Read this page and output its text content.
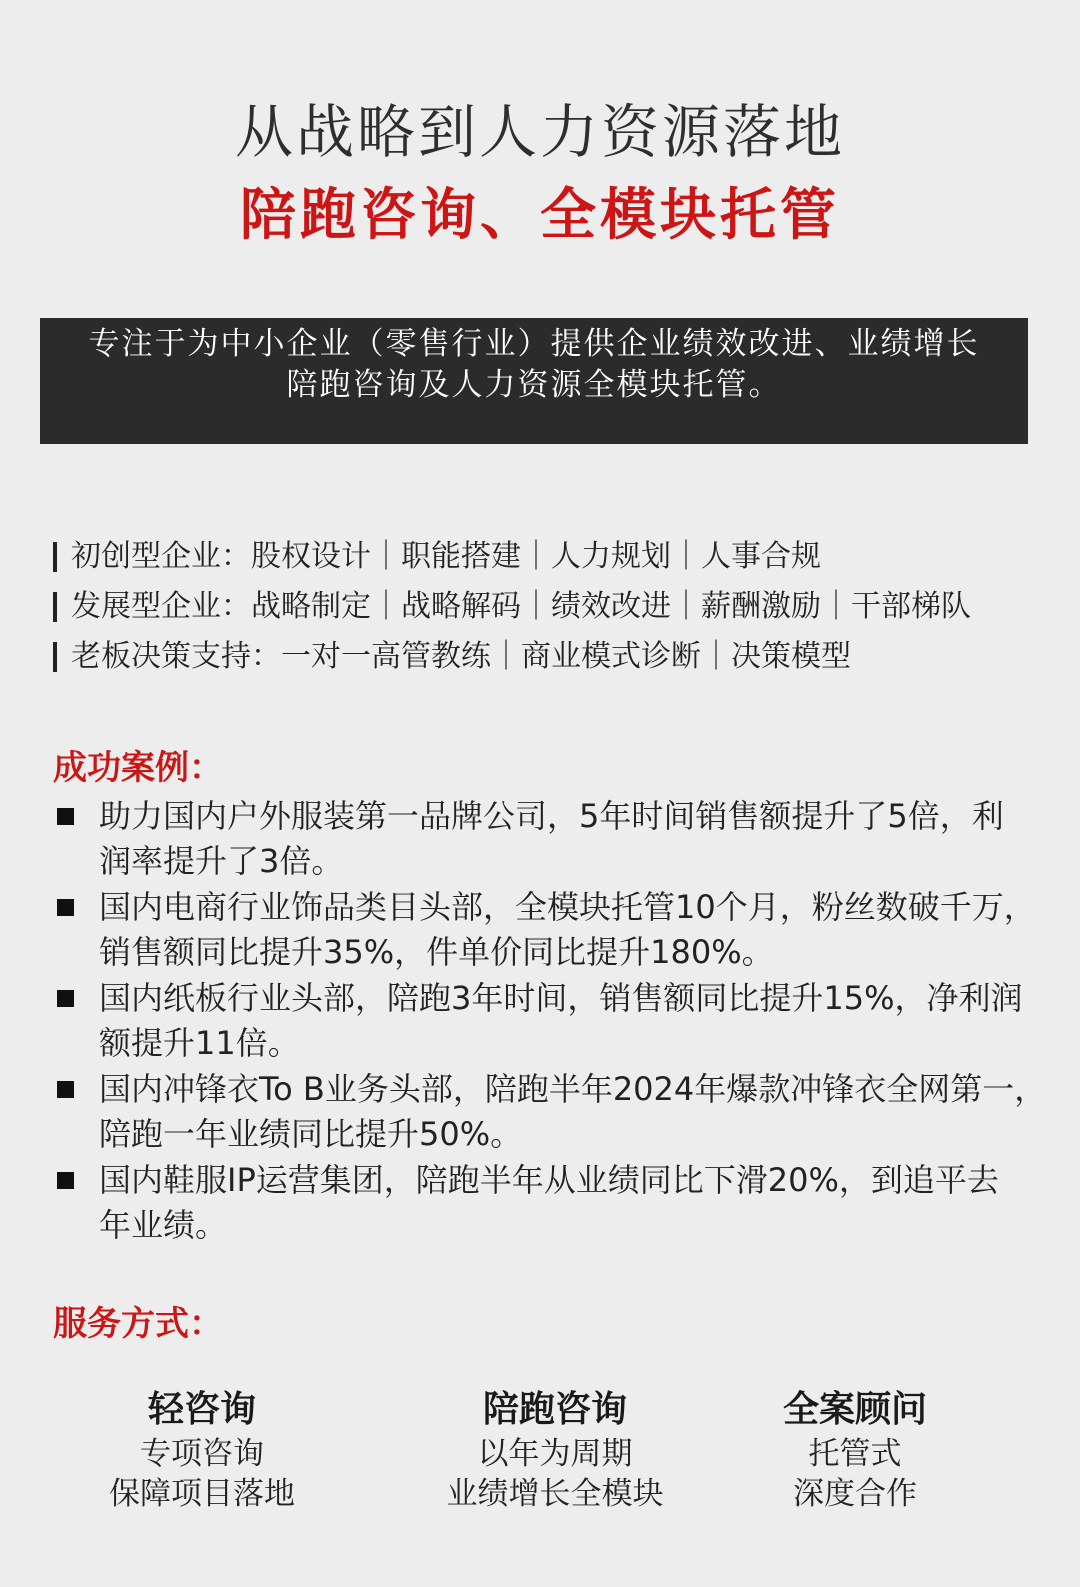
从战略到人力资源落地
陪跑咨询、全模块托管
专注于为中小企业（零售行业）提供企业绩效改进、业绩增长
陪跑咨询及人力资源全模块托管。
初创型企业：股权设计｜职能搭建｜人力规划｜人事合规
发展型企业：战略制定｜战略解码｜绩效改进｜薪酬激励｜干部梯队
老板决策支持：一对一高管教练｜商业模式诊断｜决策模型
成功案例：
助力国内户外服装第一品牌公司，5年时间销售额提升了5倍，利
润率提升了3倍。
国内电商行业饰品类目头部，全模块托管10个月，粉丝数破千万，
销售额同比提升35%，件单价同比提升180%。
国内纸板行业头部，陪跑3年时间，销售额同比提升15%，净利润
额提升11倍。
国内冲锋衣To B业务头部，陪跑半年2024年爆款冲锋衣全网第一，
陪跑一年业绩同比提升50%。
国内鞋服IP运营集团，陪跑半年从业绩同比下滑20%，到追平去
年业绩。
服务方式：
轻咨询
专项咨询
保障项目落地
陪跑咨询
以年为周期
业绩增长全模块
全案顾问
托管式
深度合作
